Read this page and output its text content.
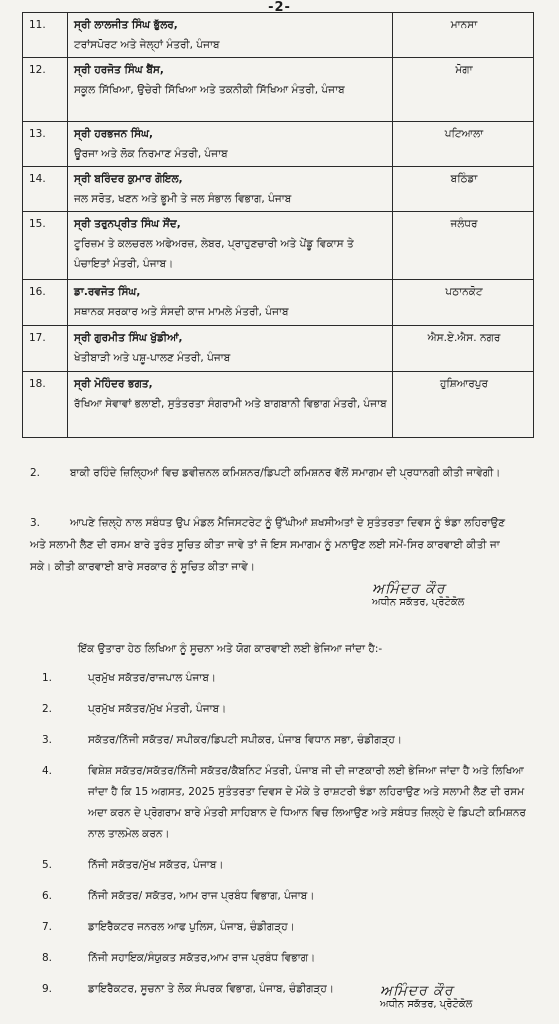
-2-
11.	ਸ੍ਰੀ ਲਾਲਜੀਤ ਸਿੰਘ ਭੁੱਲਰ,
ਟਰਾਂਸਪੋਰਟ ਅਤੇ ਜੇਲ੍ਹਾਂ ਮੰਤਰੀ, ਪੰਜਾਬ	ਮਾਨਸਾ
12.	ਸ੍ਰੀ ਹਰਜੋਤ ਸਿੰਘ ਬੈਂਸ,
ਸਕੂਲ ਸਿੱਖਿਆ, ਉਚੇਰੀ ਸਿੱਖਿਆ ਅਤੇ ਤਕਨੀਕੀ ਸਿੱਖਿਆ ਮੰਤਰੀ, ਪੰਜਾਬ	ਮੋਗਾ
13.	ਸ੍ਰੀ ਹਰਭਜਨ ਸਿੰਘ,
ਊਰਜਾ ਅਤੇ ਲੋਕ ਨਿਰਮਾਣ ਮੰਤਰੀ, ਪੰਜਾਬ	ਪਟਿਆਲਾ
14.	ਸ੍ਰੀ ਬਰਿੰਦਰ ਕੁਮਾਰ ਗੋਇਲ,
ਜਲ ਸਰੋਤ, ਖਣਨ ਅਤੇ ਭੂਮੀ ਤੇ ਜਲ ਸੰਭਾਲ ਵਿਭਾਗ, ਪੰਜਾਬ	ਬਠਿੰਡਾ
15.	ਸ੍ਰੀ ਤਰੁਨਪ੍ਰੀਤ ਸਿੰਘ ਸੌਂਦ,
ਟੂਰਿਜ਼ਮ ਤੇ ਕਲਚਰਲ ਅਫੇਅਰਜ਼, ਲੇਬਰ, ਪ੍ਰਾਹੁਣਚਾਰੀ ਅਤੇ ਪੇਂਡੂ ਵਿਕਾਸ ਤੇ ਪੰਚਾਇਤਾਂ ਮੰਤਰੀ, ਪੰਜਾਬ।	ਜਲੰਧਰ
16.	ਡਾ.ਰਵਜੋਤ ਸਿੰਘ,
ਸਥਾਨਕ ਸਰਕਾਰ ਅਤੇ ਸੰਸਦੀ ਕਾਜ ਮਾਮਲੇ ਮੰਤਰੀ, ਪੰਜਾਬ	ਪਠਾਨਕੋਟ
17.	ਸ੍ਰੀ ਗੁਰਮੀਤ ਸਿੰਘ ਖੁੱਡੀਆਂ,
ਖੇਤੀਬਾੜੀ ਅਤੇ ਪਸ਼ੂ-ਪਾਲਣ ਮੰਤਰੀ, ਪੰਜਾਬ	ਐਸ.ਏ.ਐਸ. ਨਗਰ
18.	ਸ੍ਰੀ ਮੋਹਿੰਦਰ ਭਗਤ,
ਰੱਖਿਆ ਸੇਵਾਵਾਂ ਭਲਾਈ, ਸੁਤੰਤਰਤਾ ਸੰਗਰਾਮੀ ਅਤੇ ਬਾਗਬਾਨੀ ਵਿਭਾਗ ਮੰਤਰੀ, ਪੰਜਾਬ	ਹੁਸ਼ਿਆਰਪੁਰ
2.	ਬਾਕੀ ਰਹਿੰਦੇ ਜ਼ਿਲ੍ਹਿਆਂ ਵਿਚ ਡਵੀਜ਼ਨਲ ਕਮਿਸ਼ਨਰ/ਡਿਪਟੀ ਕਮਿਸ਼ਨਰ ਵੱਲੋਂ ਸਮਾਗਮ ਦੀ ਪ੍ਰਧਾਨਗੀ ਕੀਤੀ ਜਾਵੇਗੀ।
3.	ਆਪਣੇ ਜ਼ਿਲ੍ਹੇ ਨਾਲ ਸਬੰਧਤ ਉਪ ਮੰਡਲ ਮੈਜਿਸਟਰੇਟ ਨੂੰ ਉੱਘੀਆਂ ਸ਼ਖਸੀਅਤਾਂ ਦੇ ਸੁਤੰਤਰਤਾ ਦਿਵਸ ਨੂੰ ਝੰਡਾ ਲਹਿਰਾਉਣ ਅਤੇ ਸਲਾਮੀ ਲੈਣ ਦੀ ਰਸਮ ਬਾਰੇ ਤੁਰੰਤ ਸੂਚਿਤ ਕੀਤਾ ਜਾਵੇ ਤਾਂ ਜੋ ਇਸ ਸਮਾਗਮ ਨੂੰ ਮਨਾਉਣ ਲਈ ਸਮੇਂ-ਸਿਰ ਕਾਰਵਾਈ ਕੀਤੀ ਜਾ ਸਕੇ। ਕੀਤੀ ਕਾਰਵਾਈ ਬਾਰੇ ਸਰਕਾਰ ਨੂੰ ਸੂਚਿਤ ਕੀਤਾ ਜਾਵੇ।
ਅਮਿੰਦਰ ਕੌਰ
ਅਧੀਨ ਸਕੱਤਰ, ਪ੍ਰੋਟੋਕੋਲ
ਇੱਕ ਉਤਾਰਾ ਹੇਠ ਲਿਖਿਆ ਨੂੰ ਸੂਚਨਾ ਅਤੇ ਯੋਗ ਕਾਰਵਾਈ ਲਈ ਭੇਜਿਆ ਜਾਂਦਾ ਹੈ:-
1.	ਪ੍ਰਮੁੱਖ ਸਕੱਤਰ/ਰਾਜਪਾਲ ਪੰਜਾਬ।
2.	ਪ੍ਰਮੁੱਖ ਸਕੱਤਰ/ਮੁੱਖ ਮੰਤਰੀ, ਪੰਜਾਬ।
3.	ਸਕੱਤਰ/ਨਿੱਜੀ ਸਕੱਤਰ/ ਸਪੀਕਰ/ਡਿਪਟੀ ਸਪੀਕਰ, ਪੰਜਾਬ ਵਿਧਾਨ ਸਭਾ, ਚੰਡੀਗੜ੍ਹ।
4.	ਵਿਸ਼ੇਸ਼ ਸਕੱਤਰ/ਸਕੱਤਰ/ਨਿੱਜੀ ਸਕੱਤਰ/ਕੈਬਨਿਟ ਮੰਤਰੀ, ਪੰਜਾਬ ਜੀ ਦੀ ਜਾਣਕਾਰੀ ਲਈ ਭੇਜਿਆ ਜਾਂਦਾ ਹੈ ਅਤੇ ਲਿਖਿਆ ਜਾਂਦਾ ਹੈ ਕਿ 15 ਅਗਸਤ, 2025 ਸੁਤੰਤਰਤਾ ਦਿਵਸ ਦੇ ਮੌਕੇ ਤੇ ਰਾਸ਼ਟਰੀ ਝੰਡਾ ਲਹਿਰਾਉਣ ਅਤੇ ਸਲਾਮੀ ਲੈਣ ਦੀ ਰਸਮ ਅਦਾ ਕਰਨ ਦੇ ਪ੍ਰੋਗਰਾਮ ਬਾਰੇ ਮੰਤਰੀ ਸਾਹਿਬਾਨ ਦੇ ਧਿਆਨ ਵਿਚ ਲਿਆਉਣ ਅਤੇ ਸਬੰਧਤ ਜ਼ਿਲ੍ਹੇ ਦੇ ਡਿਪਟੀ ਕਮਿਸ਼ਨਰ ਨਾਲ ਤਾਲਮੇਲ ਕਰਨ।
5.	ਨਿੱਜੀ ਸਕੱਤਰ/ਮੁੱਖ ਸਕੱਤਰ, ਪੰਜਾਬ।
6.	ਨਿੱਜੀ ਸਕੱਤਰ/ ਸਕੱਤਰ, ਆਮ ਰਾਜ ਪ੍ਰਬੰਧ ਵਿਭਾਗ, ਪੰਜਾਬ।
7.	ਡਾਇਰੈਕਟਰ ਜਨਰਲ ਆਫ ਪੁਲਿਸ, ਪੰਜਾਬ, ਚੰਡੀਗੜ੍ਹ।
8.	ਨਿੱਜੀ ਸਹਾਇਕ/ਸੰਯੁਕਤ ਸਕੱਤਰ,ਆਮ ਰਾਜ ਪ੍ਰਬੰਧ ਵਿਭਾਗ।
9.	ਡਾਇਰੈਕਟਰ, ਸੂਚਨਾ ਤੇ ਲੋਕ ਸੰਪਰਕ ਵਿਭਾਗ, ਪੰਜਾਬ, ਚੰਡੀਗੜ੍ਹ।	ਅਮਿੰਦਰ ਕੌਰ
ਅਧੀਨ ਸਕੱਤਰ, ਪ੍ਰੋਟੋਕੋਲ
